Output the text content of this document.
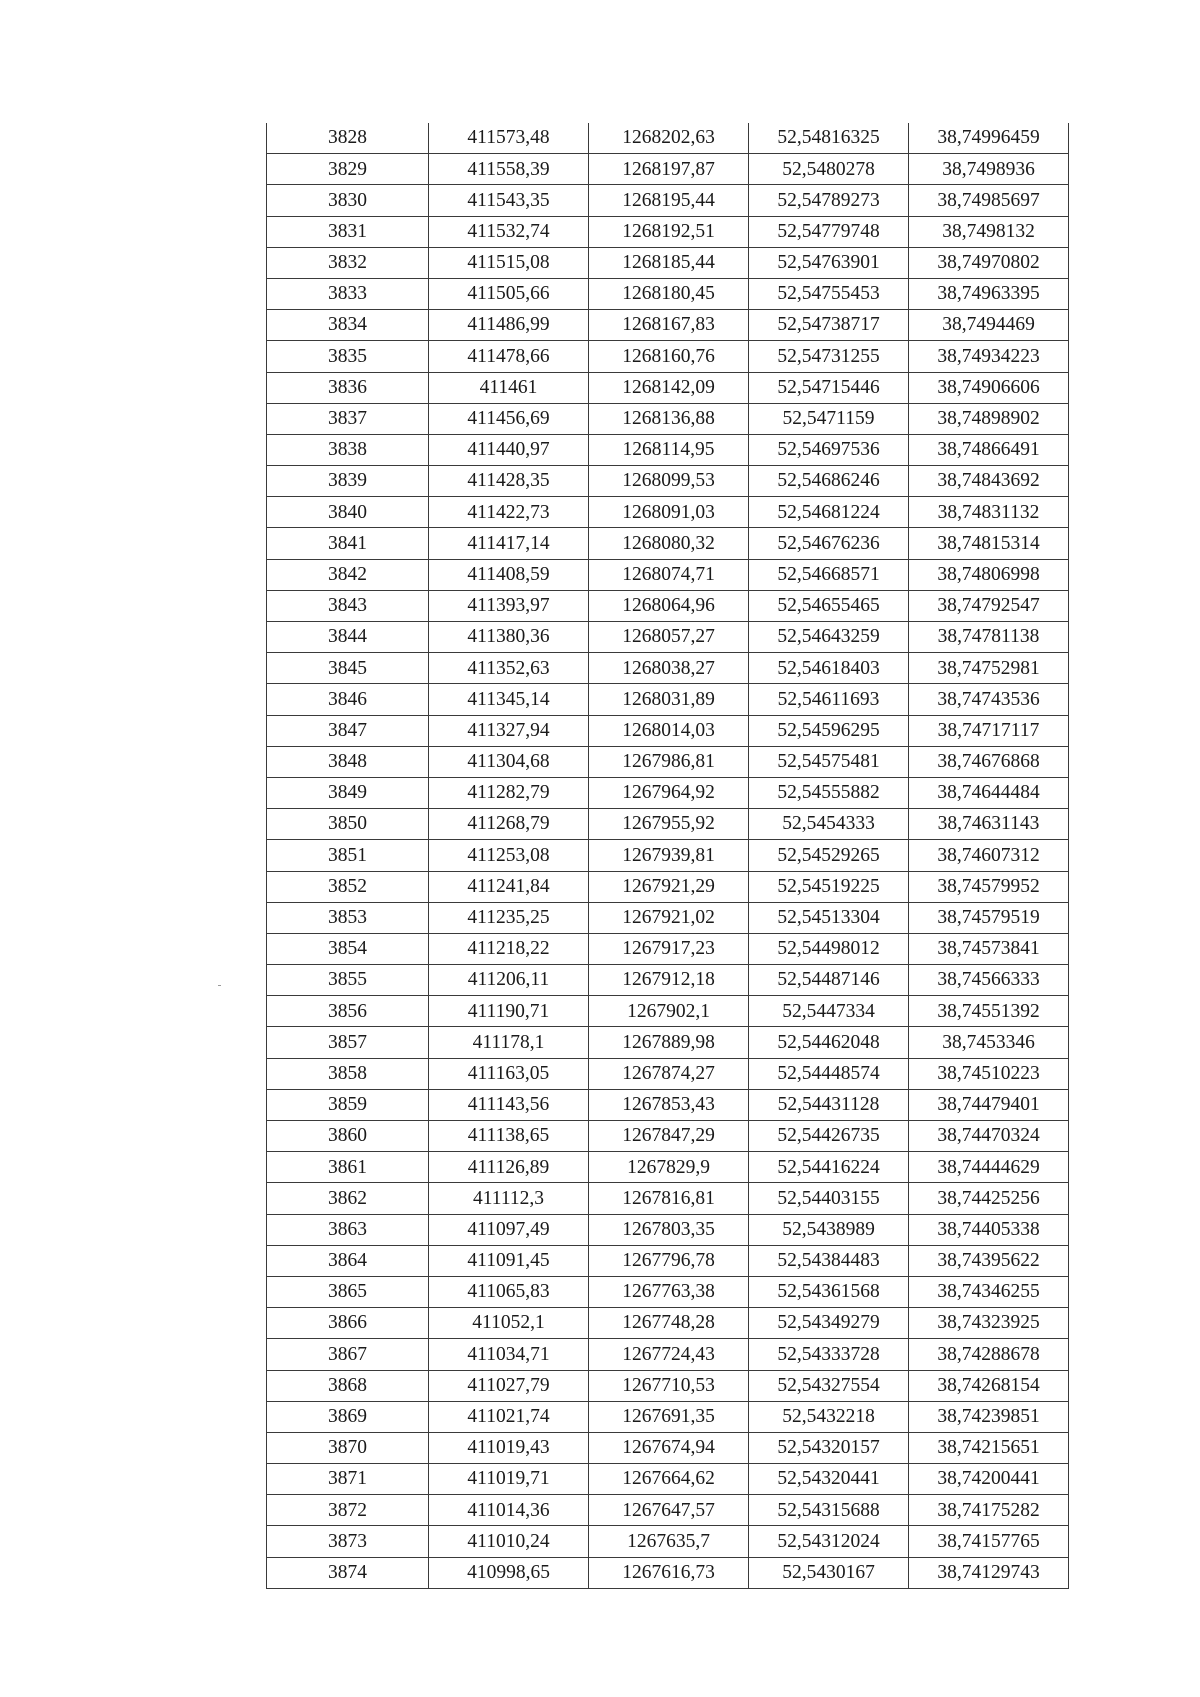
3828	411573,48	1268202,63	52,54816325	38,74996459
3829	411558,39	1268197,87	52,5480278	38,7498936
3830	411543,35	1268195,44	52,54789273	38,74985697
3831	411532,74	1268192,51	52,54779748	38,7498132
3832	411515,08	1268185,44	52,54763901	38,74970802
3833	411505,66	1268180,45	52,54755453	38,74963395
3834	411486,99	1268167,83	52,54738717	38,7494469
3835	411478,66	1268160,76	52,54731255	38,74934223
3836	411461	1268142,09	52,54715446	38,74906606
3837	411456,69	1268136,88	52,5471159	38,74898902
3838	411440,97	1268114,95	52,54697536	38,74866491
3839	411428,35	1268099,53	52,54686246	38,74843692
3840	411422,73	1268091,03	52,54681224	38,74831132
3841	411417,14	1268080,32	52,54676236	38,74815314
3842	411408,59	1268074,71	52,54668571	38,74806998
3843	411393,97	1268064,96	52,54655465	38,74792547
3844	411380,36	1268057,27	52,54643259	38,74781138
3845	411352,63	1268038,27	52,54618403	38,74752981
3846	411345,14	1268031,89	52,54611693	38,74743536
3847	411327,94	1268014,03	52,54596295	38,74717117
3848	411304,68	1267986,81	52,54575481	38,74676868
3849	411282,79	1267964,92	52,54555882	38,74644484
3850	411268,79	1267955,92	52,5454333	38,74631143
3851	411253,08	1267939,81	52,54529265	38,74607312
3852	411241,84	1267921,29	52,54519225	38,74579952
3853	411235,25	1267921,02	52,54513304	38,74579519
3854	411218,22	1267917,23	52,54498012	38,74573841
3855	411206,11	1267912,18	52,54487146	38,74566333
3856	411190,71	1267902,1	52,5447334	38,74551392
3857	411178,1	1267889,98	52,54462048	38,7453346
3858	411163,05	1267874,27	52,54448574	38,74510223
3859	411143,56	1267853,43	52,54431128	38,74479401
3860	411138,65	1267847,29	52,54426735	38,74470324
3861	411126,89	1267829,9	52,54416224	38,74444629
3862	411112,3	1267816,81	52,54403155	38,74425256
3863	411097,49	1267803,35	52,5438989	38,74405338
3864	411091,45	1267796,78	52,54384483	38,74395622
3865	411065,83	1267763,38	52,54361568	38,74346255
3866	411052,1	1267748,28	52,54349279	38,74323925
3867	411034,71	1267724,43	52,54333728	38,74288678
3868	411027,79	1267710,53	52,54327554	38,74268154
3869	411021,74	1267691,35	52,5432218	38,74239851
3870	411019,43	1267674,94	52,54320157	38,74215651
3871	411019,71	1267664,62	52,54320441	38,74200441
3872	411014,36	1267647,57	52,54315688	38,74175282
3873	411010,24	1267635,7	52,54312024	38,74157765
3874	410998,65	1267616,73	52,5430167	38,74129743
